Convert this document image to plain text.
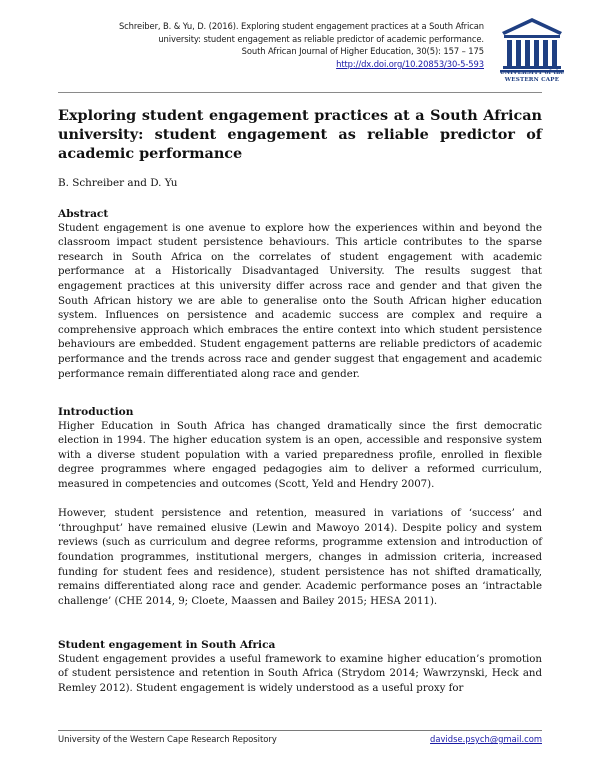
Schreiber, B. & Yu, D. (2016). Exploring student engagement practices at a South African
university: student engagement as reliable predictor of academic performance.
South African Journal of Higher Education, 30(5): 157 – 175
http://dx.doi.org/10.20853/30-5-593
UNIVERSITY of the
WESTERN CAPE
Exploring student engagement practices at a South African university: student engagement as reliable predictor of academic performance
B. Schreiber and D. Yu
Abstract

Student engagement is one avenue to explore how the experiences within and beyond the classroom impact student persistence behaviours. This article contributes to the sparse research in South Africa on the correlates of student engagement with academic performance at a Historically Disadvantaged University. The results suggest that engagement practices at this university differ across race and gender and that given the South African history we are able to generalise onto the South African higher education system. Influences on persistence and academic success are complex and require a comprehensive approach which embraces the entire context into which student persistence behaviours are embedded. Student engagement patterns are reliable predictors of academic performance and the trends across race and gender suggest that engagement and academic performance remain differentiated along race and gender.

Introduction

Higher Education in South Africa has changed dramatically since the first democratic election in 1994. The higher education system is an open, accessible and responsive system with a diverse student population with a varied preparedness profile, enrolled in flexible degree programmes where engaged pedagogies aim to deliver a reformed curriculum, measured in competencies and outcomes (Scott, Yeld and Hendry 2007).

However, student persistence and retention, measured in variations of ‘success’ and ‘throughput’ have remained elusive (Lewin and Mawoyo 2014). Despite policy and system reviews (such as curriculum and degree reforms, programme extension and introduction of foundation programmes, institutional mergers, changes in admission criteria, increased funding for student fees and residence), student persistence has not shifted dramatically, remains differentiated along race and gender. Academic performance poses an ‘intractable challenge’ (CHE 2014, 9; Cloete, Maassen and Bailey 2015; HESA 2011).

Student engagement in South Africa

Student engagement provides a useful framework to examine higher education’s promotion of student persistence and retention in South Africa (Strydom 2014; Wawrzynski, Heck and Remley 2012). Student engagement is widely understood as a useful proxy for

University of the Western Cape Research Repository	davidse.psych@gmail.com
